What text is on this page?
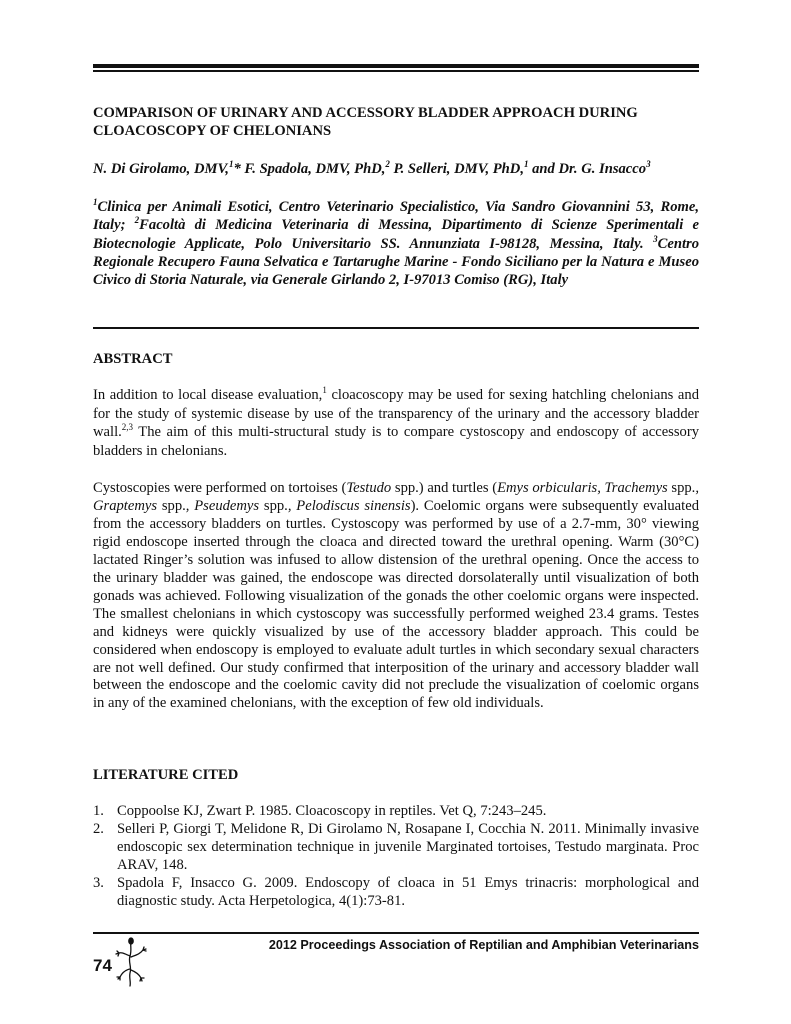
COMPARISON OF URINARY AND ACCESSORY BLADDER APPROACH DURING
CLOACOSCOPY OF CHELONIANS
N. Di Girolamo, DMV,$^1$* F. Spadola, DMV, PhD,$^2$ P. Selleri, DMV, PhD,$^1$ and Dr. G. Insacco$^3$
$^1$Clinica per Animali Esotici, Centro Veterinario Specialistico, Via Sandro Giovannini 53, Rome, Italy; $^2$Facoltà di Medicina Veterinaria di Messina, Dipartimento di Scienze Sperimentali e Biotecnologie Applicate, Polo Universitario SS. Annunziata I-98128, Messina, Italy. $^3$Centro Regionale Recupero Fauna Selvatica e Tartarughe Marine - Fondo Siciliano per la Natura e Museo Civico di Storia Naturale, via Generale Girlando 2, I-97013 Comiso (RG), Italy
ABSTRACT
In addition to local disease evaluation,$^1$ cloacoscopy may be used for sexing hatchling chelonians and for the study of systemic disease by use of the transparency of the urinary and the accessory bladder wall.$^{2,3}$ The aim of this multi-structural study is to compare cystoscopy and endoscopy of accessory bladders in chelonians.
Cystoscopies were performed on tortoises (Testudo spp.) and turtles (Emys orbicularis, Trachemys spp., Graptemys spp., Pseudemys spp., Pelodiscus sinensis). Coelomic organs were subsequently evaluated from the accessory bladders on turtles. Cystoscopy was performed by use of a 2.7-mm, 30° viewing rigid endoscope inserted through the cloaca and directed toward the urethral opening. Warm (30°C) lactated Ringer’s solution was infused to allow distension of the urethral opening. Once the access to the urinary bladder was gained, the endoscope was directed dorsolaterally until visualization of both gonads was achieved. Following visualization of the gonads the other coelomic organs were inspected. The smallest chelonians in which cystoscopy was successfully performed weighed 23.4 grams. Testes and kidneys were quickly visualized by use of the accessory bladder approach. This could be considered when endoscopy is employed to evaluate adult turtles in which secondary sexual characters are not well defined. Our study confirmed that interposition of the urinary and accessory bladder wall between the endoscope and the coelomic cavity did not preclude the visualization of coelomic organs in any of the examined chelonians, with the exception of few old individuals.
LITERATURE CITED
1. Coppoolse KJ, Zwart P. 1985. Cloacoscopy in reptiles. Vet Q, 7:243–245.
2. Selleri P, Giorgi T, Melidone R, Di Girolamo N, Rosapane I, Cocchia N. 2011. Minimally invasive endoscopic sex determination technique in juvenile Marginated tortoises, Testudo marginata. Proc ARAV, 148.
3. Spadola F, Insacco G. 2009. Endoscopy of cloaca in 51 Emys trinacris: morphological and diagnostic study. Acta Herpetologica, 4(1):73-81.
2012 Proceedings Association of Reptilian and Amphibian Veterinarians
74
